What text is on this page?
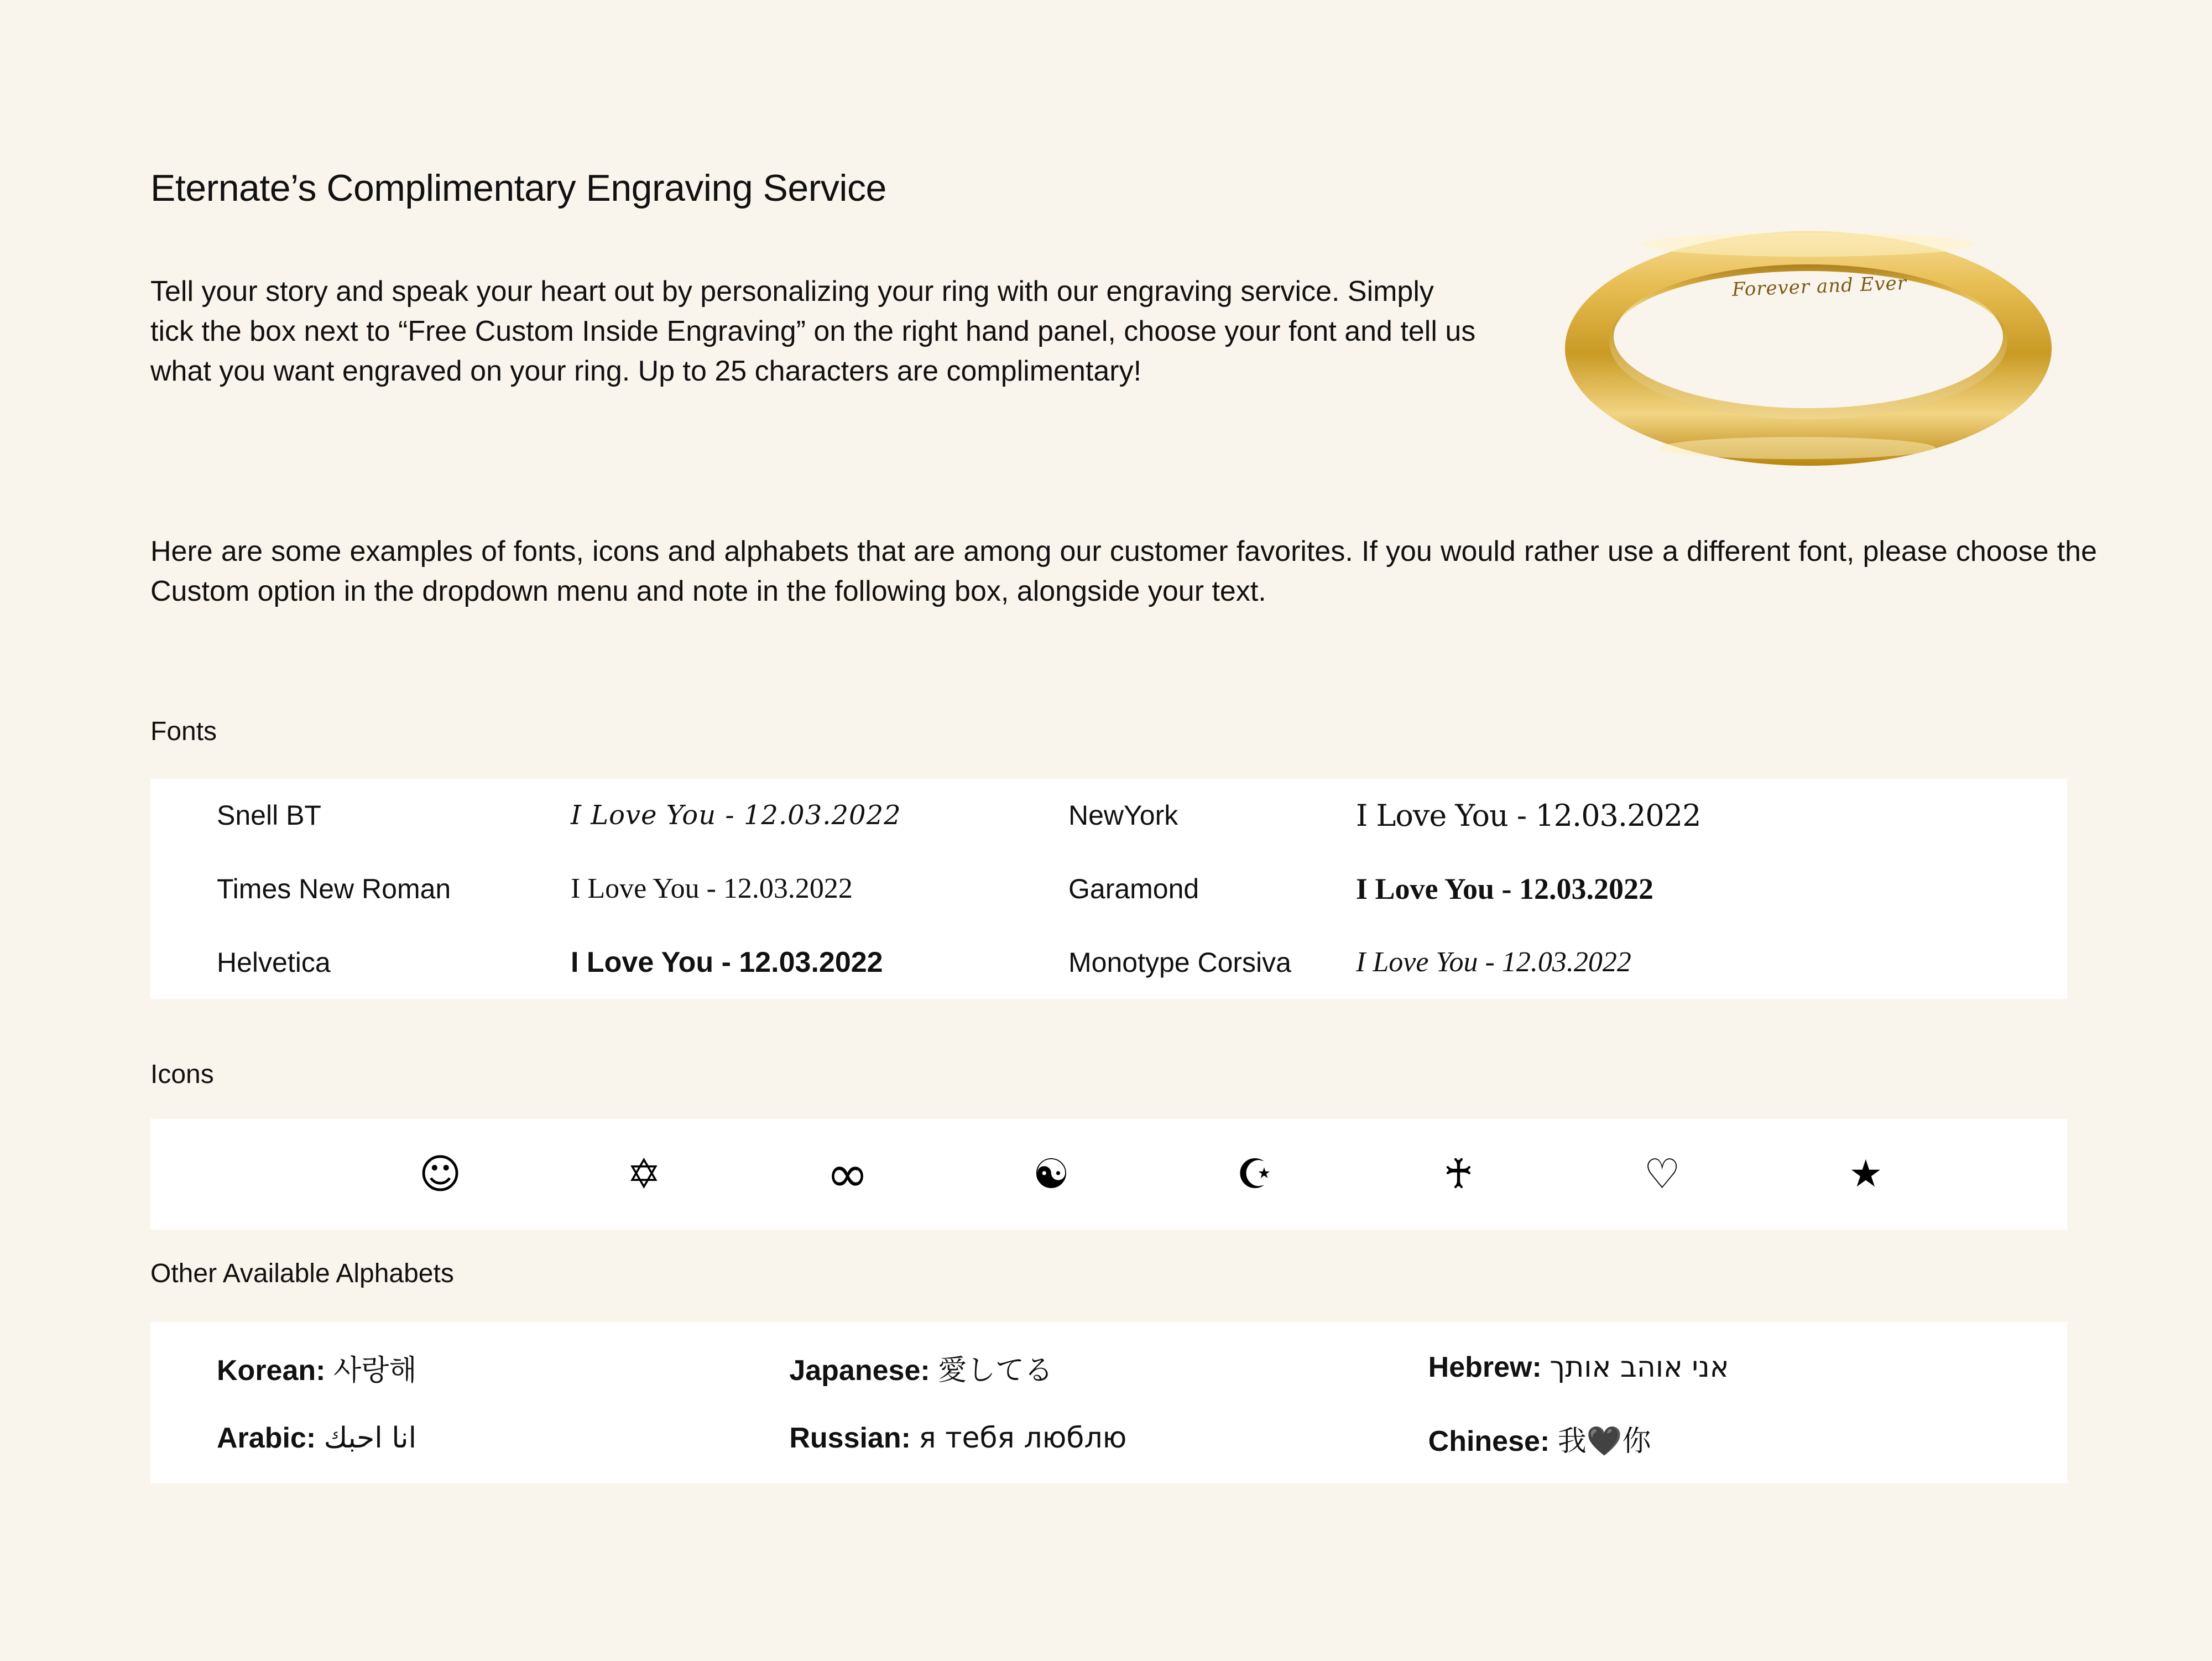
Eternate’s Complimentary Engraving Service

Tell your story and speak your heart out by personalizing your ring with our engraving service. Simply tick the box next to “Free Custom Inside Engraving” on the right hand panel, choose your font and tell us what you want engraved on your ring. Up to 25 characters are complimentary!

Here are some examples of fonts, icons and alphabets that are among our customer favorites. If you would rather use a different font, please choose the Custom option in the dropdown menu and note in the following box, alongside your text.

Forever and Ever
Fonts
Snell BT	I Love You - 12.03.2022	NewYork	I Love You - 12.03.2022
Times New Roman	I Love You - 12.03.2022	Garamond	I Love You - 12.03.2022
Helvetica	I Love You - 12.03.2022	Monotype Corsiva	I Love You - 12.03.2022
Icons
☺	✡	∞	☯	☪	♰	♡	★
Other Available Alphabets
Korean: 사랑해	Japanese: 愛してる	Hebrew: אני אוהב אותך
Arabic: انا احبك	Russian: я тебя люблю	Chinese: 我🖤你
